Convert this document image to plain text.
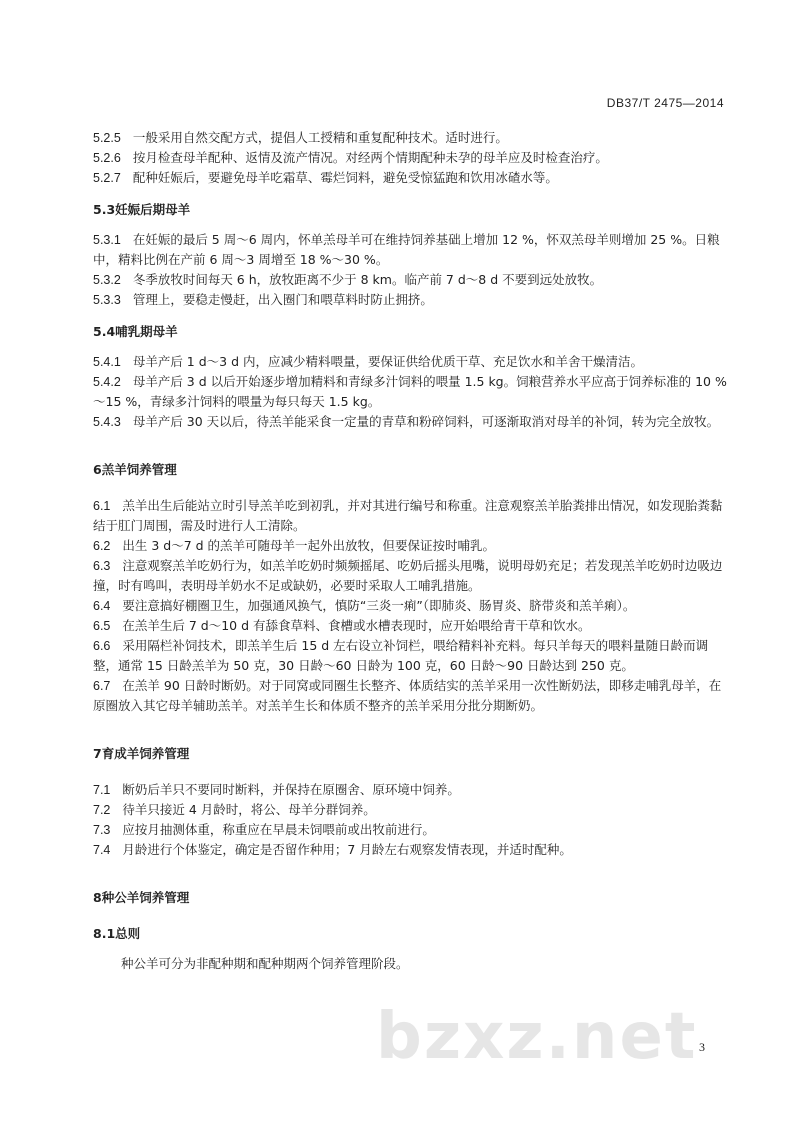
DB37/T 2475—2014
5.2.5 一般采用自然交配方式，提倡人工授精和重复配种技术。适时进行。
5.2.6 按月检查母羊配种、返情及流产情况。对经两个情期配种未孕的母羊应及时检查治疗。
5.2.7 配种妊娠后，要避免母羊吃霜草、霉烂饲料，避免受惊猛跑和饮用冰碴水等。
5.3妊娠后期母羊
5.3.1 在妊娠的最后 5 周～6 周内，怀单羔母羊可在维持饲养基础上增加 12 %，怀双羔母羊则增加 25 %。日粮中，精料比例在产前 6 周～3 周增至 18 %～30 %。
5.3.2 冬季放牧时间每天 6 h，放牧距离不少于 8 km。临产前 7 d～8 d 不要到远处放牧。
5.3.3 管理上，要稳走慢赶，出入圈门和喂草料时防止拥挤。
5.4哺乳期母羊
5.4.1 母羊产后 1 d～3 d 内，应减少精料喂量，要保证供给优质干草、充足饮水和羊舍干燥清洁。
5.4.2 母羊产后 3 d 以后开始逐步增加精料和青绿多汁饲料的喂量 1.5 kg。饲粮营养水平应高于饲养标准的 10 %～15 %，青绿多汁饲料的喂量为每只每天 1.5 kg。
5.4.3 母羊产后 30 天以后，待羔羊能采食一定量的青草和粉碎饲料，可逐渐取消对母羊的补饲，转为完全放牧。
6羔羊饲养管理
6.1 羔羊出生后能站立时引导羔羊吃到初乳，并对其进行编号和称重。注意观察羔羊胎粪排出情况，如发现胎粪黏结于肛门周围，需及时进行人工清除。
6.2 出生 3 d～7 d 的羔羊可随母羊一起外出放牧，但要保证按时哺乳。
6.3 注意观察羔羊吃奶行为，如羔羊吃奶时频频摇尾、吃奶后摇头甩嘴，说明母奶充足；若发现羔羊吃奶时边吸边撞，时有鸣叫，表明母羊奶水不足或缺奶，必要时采取人工哺乳措施。
6.4 要注意搞好棚圈卫生，加强通风换气，慎防“三炎一痢”（即肺炎、肠胃炎、脐带炎和羔羊痢）。
6.5 在羔羊生后 7 d～10 d 有舔食草料、食槽或水槽表现时，应开始喂给青干草和饮水。
6.6 采用隔栏补饲技术，即羔羊生后 15 d 左右设立补饲栏，喂给精料补充料。每只羊每天的喂料量随日龄而调整，通常 15 日龄羔羊为 50 克，30 日龄～60 日龄为 100 克，60 日龄～90 日龄达到 250 克。
6.7 在羔羊 90 日龄时断奶。对于同窝或同圈生长整齐、体质结实的羔羊采用一次性断奶法，即移走哺乳母羊，在原圈放入其它母羊辅助羔羊。对羔羊生长和体质不整齐的羔羊采用分批分期断奶。
7育成羊饲养管理
7.1 断奶后羊只不要同时断料，并保持在原圈舍、原环境中饲养。
7.2 待羊只接近 4 月龄时，将公、母羊分群饲养。
7.3 应按月抽测体重，称重应在早晨未饲喂前或出牧前进行。
7.4 月龄进行个体鉴定，确定是否留作种用；7 月龄左右观察发情表现，并适时配种。
8种公羊饲养管理
8.1总则
种公羊可分为非配种期和配种期两个饲养管理阶段。
bzxz.net 3
